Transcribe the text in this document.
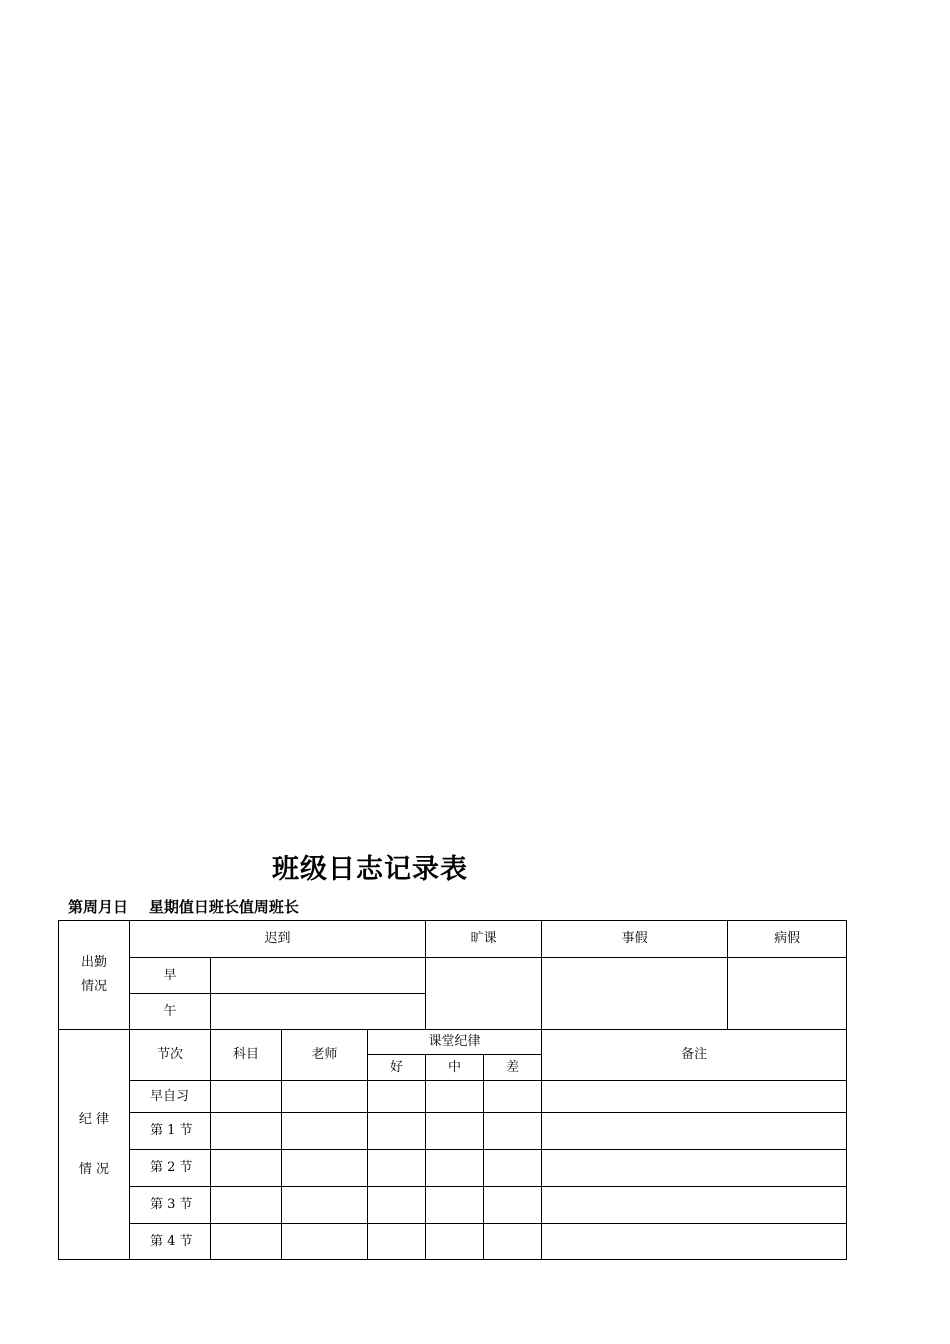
班级日志记录表
第周月日    星期值日班长值周班长
出勤
情况	迟到				旷课		事假	病假
	早							
	午							

纪 律
情 况	节次	科目	老师	课堂纪律			备注	
				好	中	差		
	早自习							
	第 1 节							
	第 2 节							
	第 3 节							
	第 4 节							
